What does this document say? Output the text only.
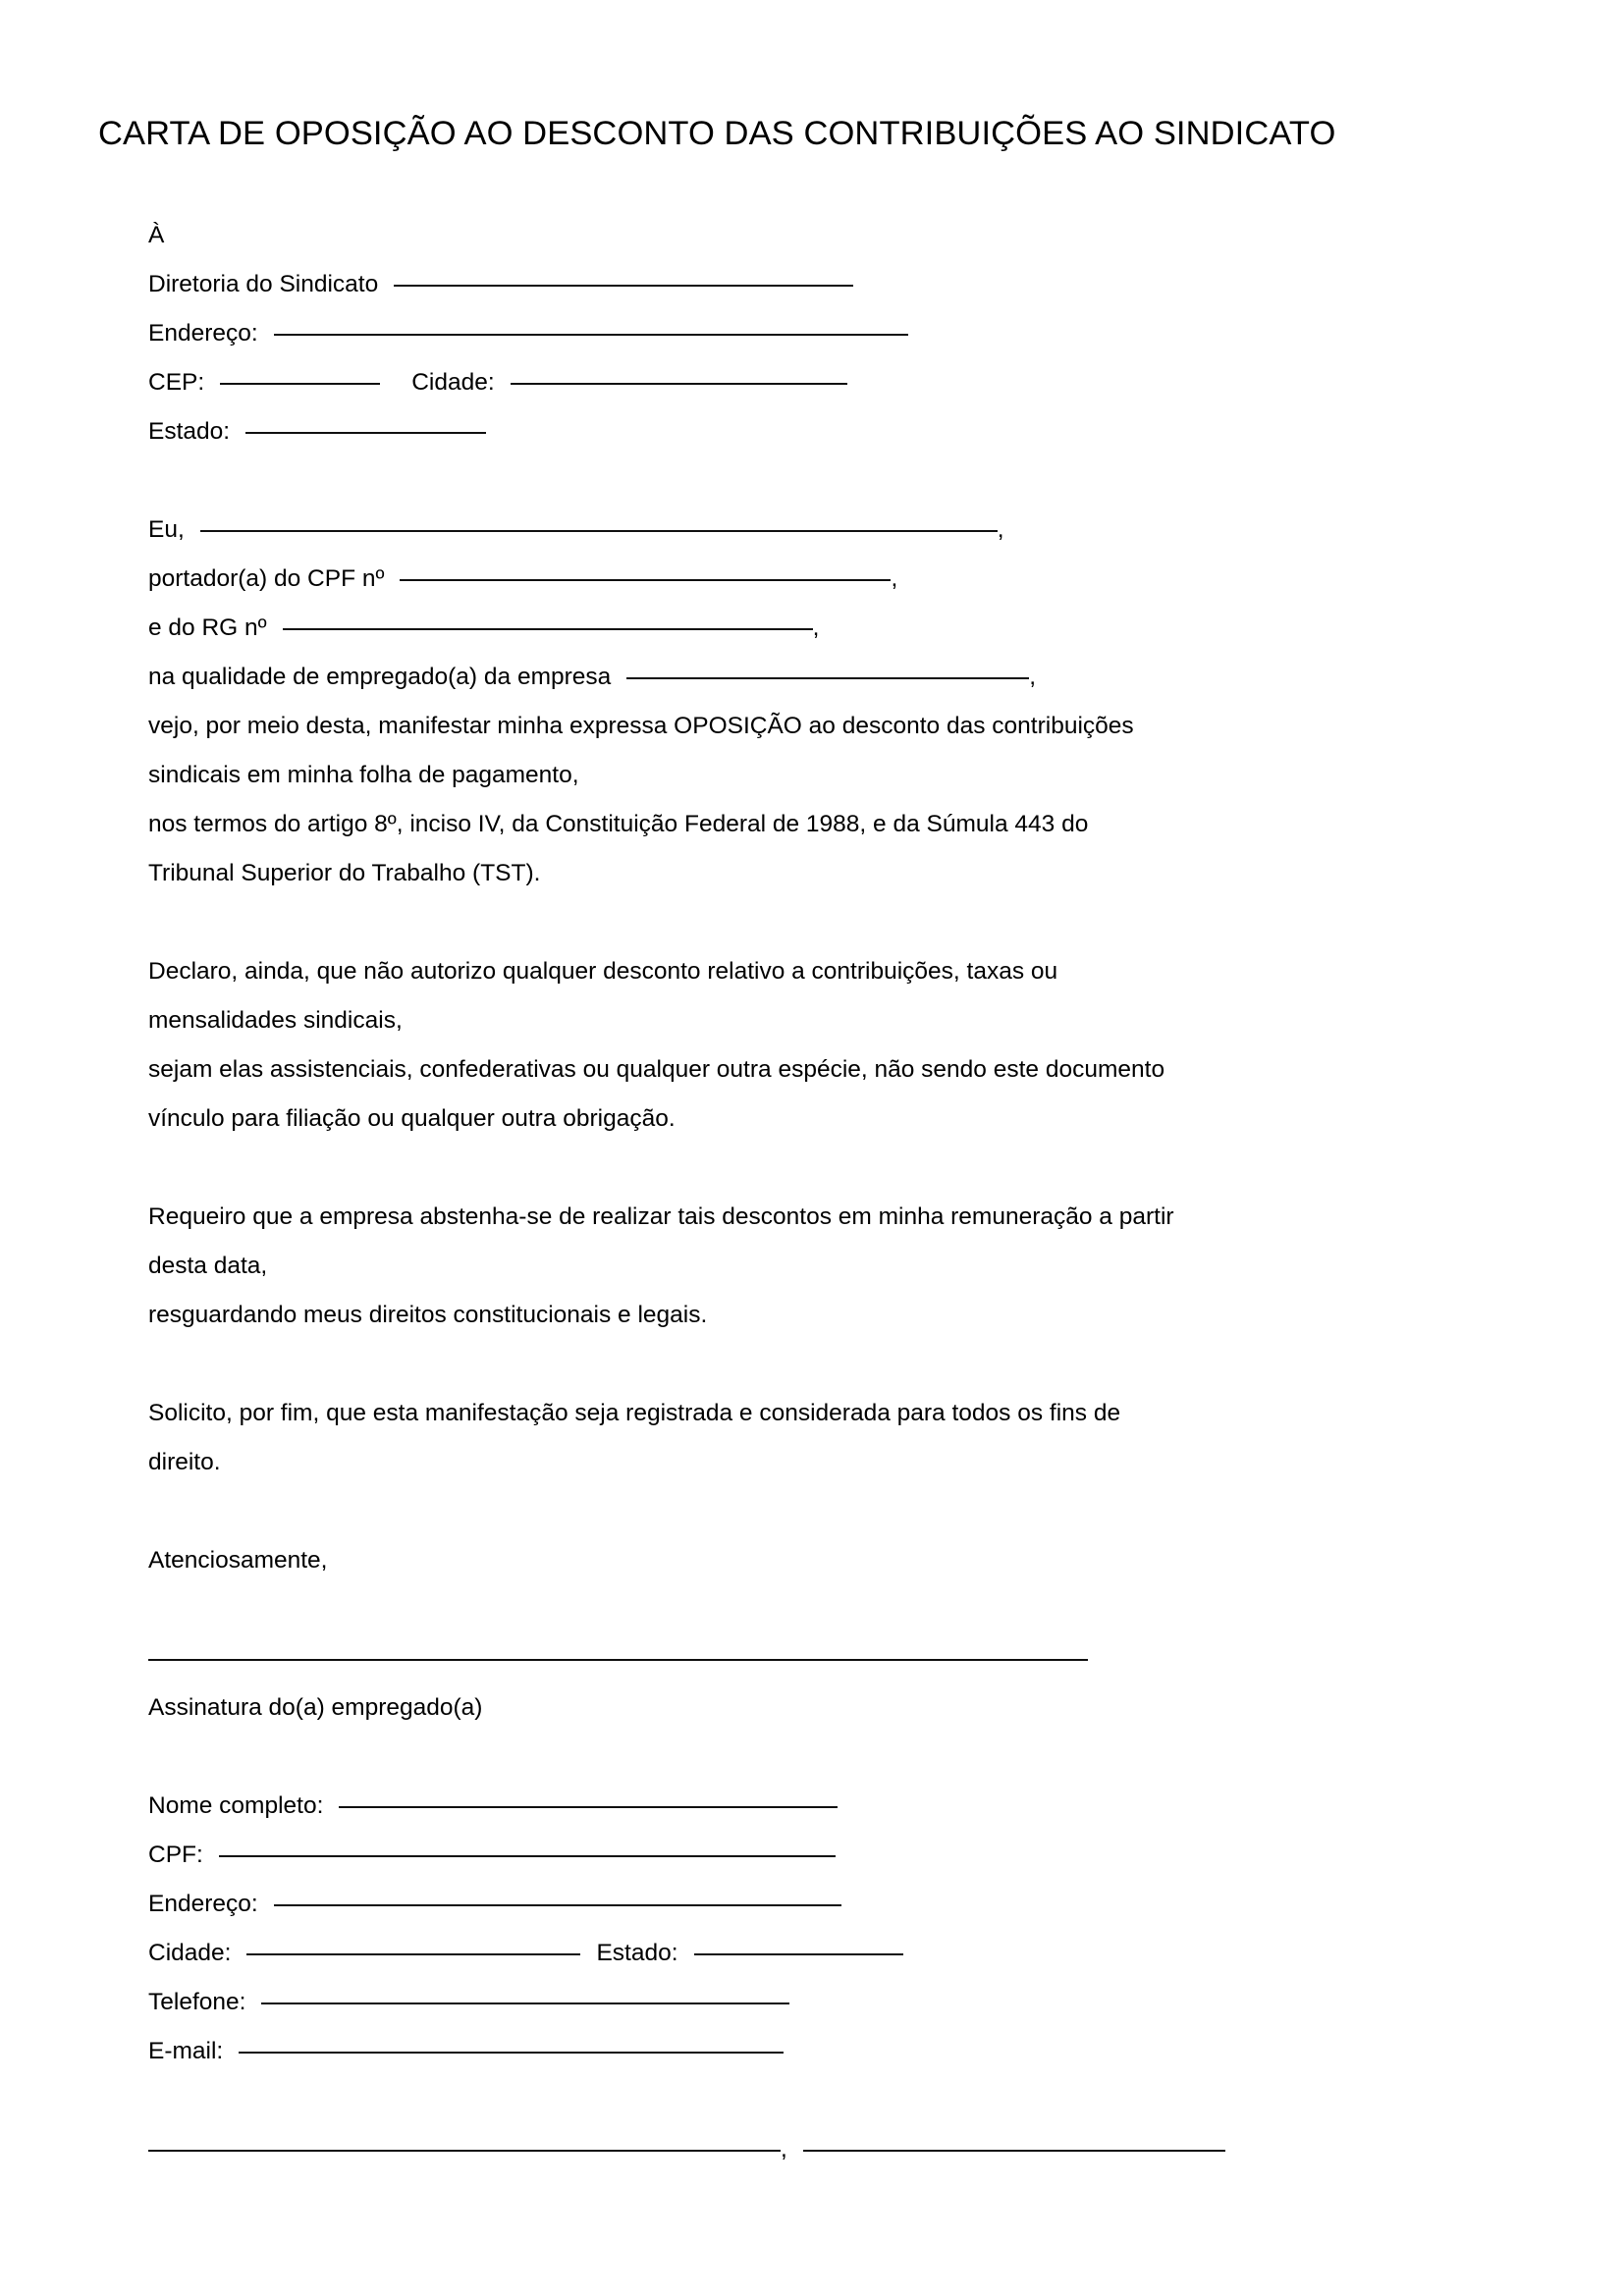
CARTA DE OPOSIÇÃO AO DESCONTO DAS CONTRIBUIÇÕES AO SINDICATO
À
Diretoria do Sindicato
Endereço:
CEP:	Cidade:
Estado:
Eu,	,
portador(a) do CPF nº	,
e do RG nº	,
na qualidade de empregado(a) da empresa	,
vejo, por meio desta, manifestar minha expressa OPOSIÇÃO ao desconto das contribuições
sindicais em minha folha de pagamento,
nos termos do artigo 8º, inciso IV, da Constituição Federal de 1988, e da Súmula 443 do
Tribunal Superior do Trabalho (TST).
Declaro, ainda, que não autorizo qualquer desconto relativo a contribuições, taxas ou
mensalidades sindicais,
sejam elas assistenciais, confederativas ou qualquer outra espécie, não sendo este documento
vínculo para filiação ou qualquer outra obrigação.
Requeiro que a empresa abstenha-se de realizar tais descontos em minha remuneração a partir
desta data,
resguardando meus direitos constitucionais e legais.
Solicito, por fim, que esta manifestação seja registrada e considerada para todos os fins de
direito.
Atenciosamente,
Assinatura do(a) empregado(a)
Nome completo:
CPF:
Endereço:
Cidade:	Estado:
Telefone:
E-mail:
,
